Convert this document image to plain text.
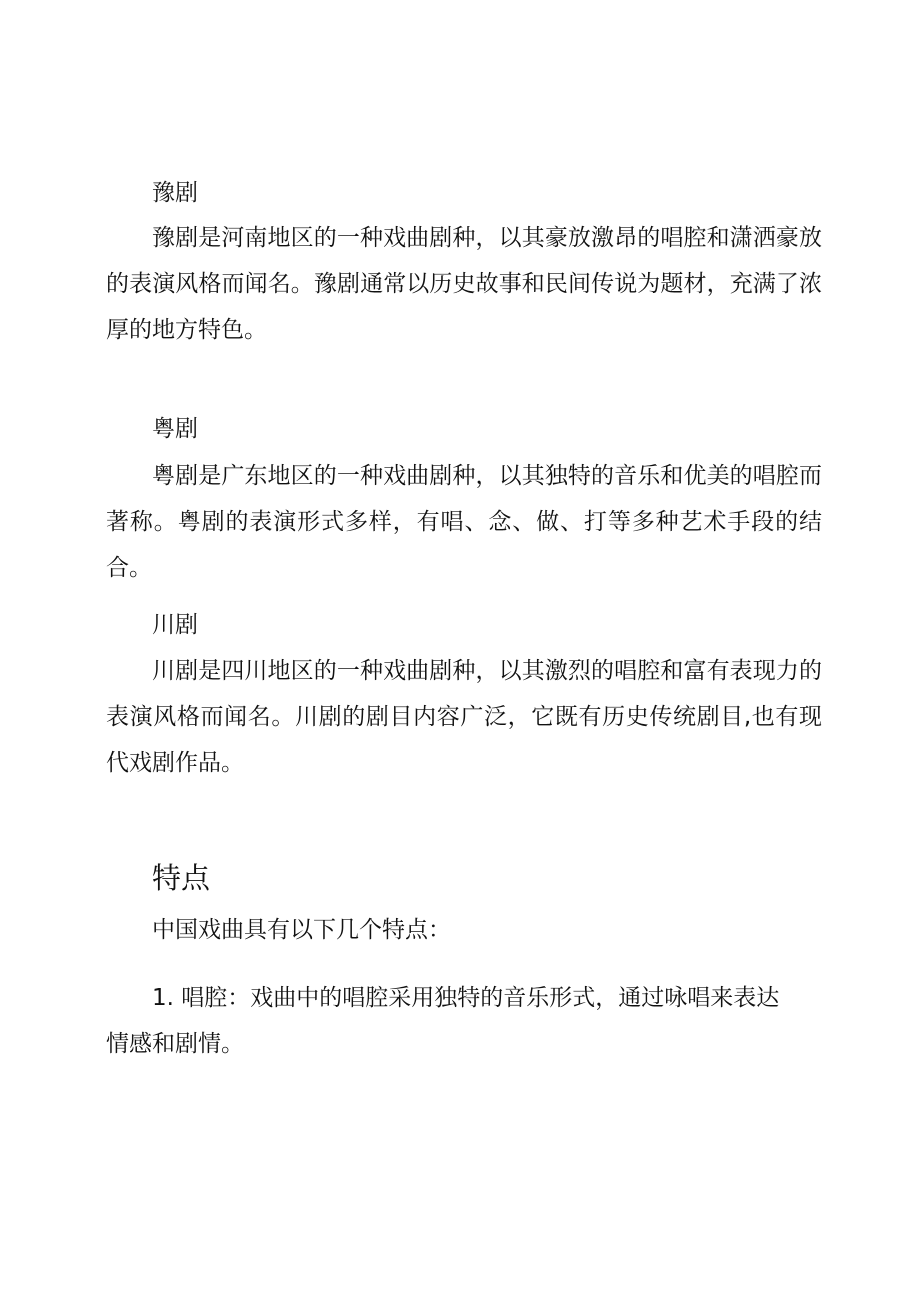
豫剧

豫剧是河南地区的一种戏曲剧种，以其豪放激昂的唱腔和潇洒豪放的表演风格而闻名。豫剧通常以历史故事和民间传说为题材，充满了浓厚的地方特色。

粤剧

粤剧是广东地区的一种戏曲剧种，以其独特的音乐和优美的唱腔而著称。粤剧的表演形式多样，有唱、念、做、打等多种艺术手段的结合。

川剧

川剧是四川地区的一种戏曲剧种，以其激烈的唱腔和富有表现力的表演风格而闻名。川剧的剧目内容广泛，它既有历史传统剧目,也有现代戏剧作品。

特点

中国戏曲具有以下几个特点：

1. 唱腔：戏曲中的唱腔采用独特的音乐形式，通过咏唱来表达
情感和剧情。
